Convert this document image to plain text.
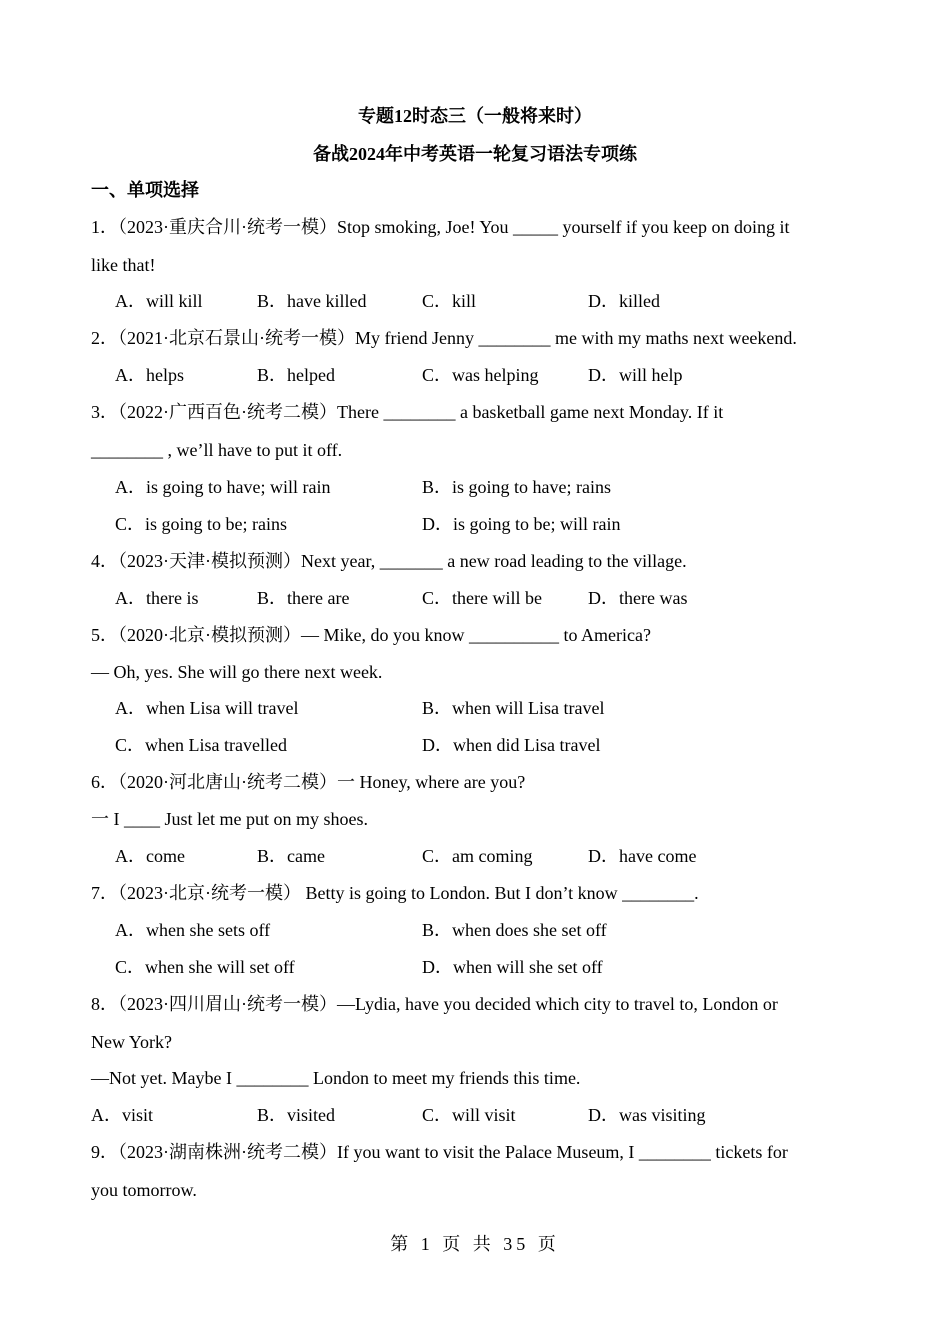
专题12时态三（一般将来时）
备战2024年中考英语一轮复习语法专项练
一、单项选择
1．（2023·重庆合川·统考一模）Stop smoking, Joe! You _____ yourself if you keep on doing it
like that!
A．will kill	B．have killed	C．kill	D．killed
2．（2021·北京石景山·统考一模）My friend Jenny ________ me with my maths next weekend.
A．helps	B．helped	C．was helping	D．will help
3．（2022·广西百色·统考二模）There ________ a basketball game next Monday. If it
________ , we’ll have to put it off.
A．is going to have; will rain	B．is going to have; rains
C．is going to be; rains	D．is going to be; will rain
4．（2023·天津·模拟预测）Next year, _______ a new road leading to the village.
A．there is	B．there are	C．there will be	D．there was
5．（2020·北京·模拟预测）— Mike, do you know __________ to America?
— Oh, yes. She will go there next week.
A．when Lisa will travel	B．when will Lisa travel
C．when Lisa travelled	D．when did Lisa travel
6．（2020·河北唐山·统考二模）一 Honey, where are you?
一 I ____ Just let me put on my shoes.
A．come	B．came	C．am coming	D．have come
7．（2023·北京·统考一模） Betty is going to London. But I don’t know ________.
A．when she sets off	B．when does she set off
C．when she will set off	D．when will she set off
8．（2023·四川眉山·统考一模）—Lydia, have you decided which city to travel to, London or
New York?
—Not yet. Maybe I ________ London to meet my friends this time.
A．visit	B．visited	C．will visit	D．was visiting
9．（2023·湖南株洲·统考二模）If you want to visit the Palace Museum, I ________ tickets for
you tomorrow.
第 1 页 共 35 页
